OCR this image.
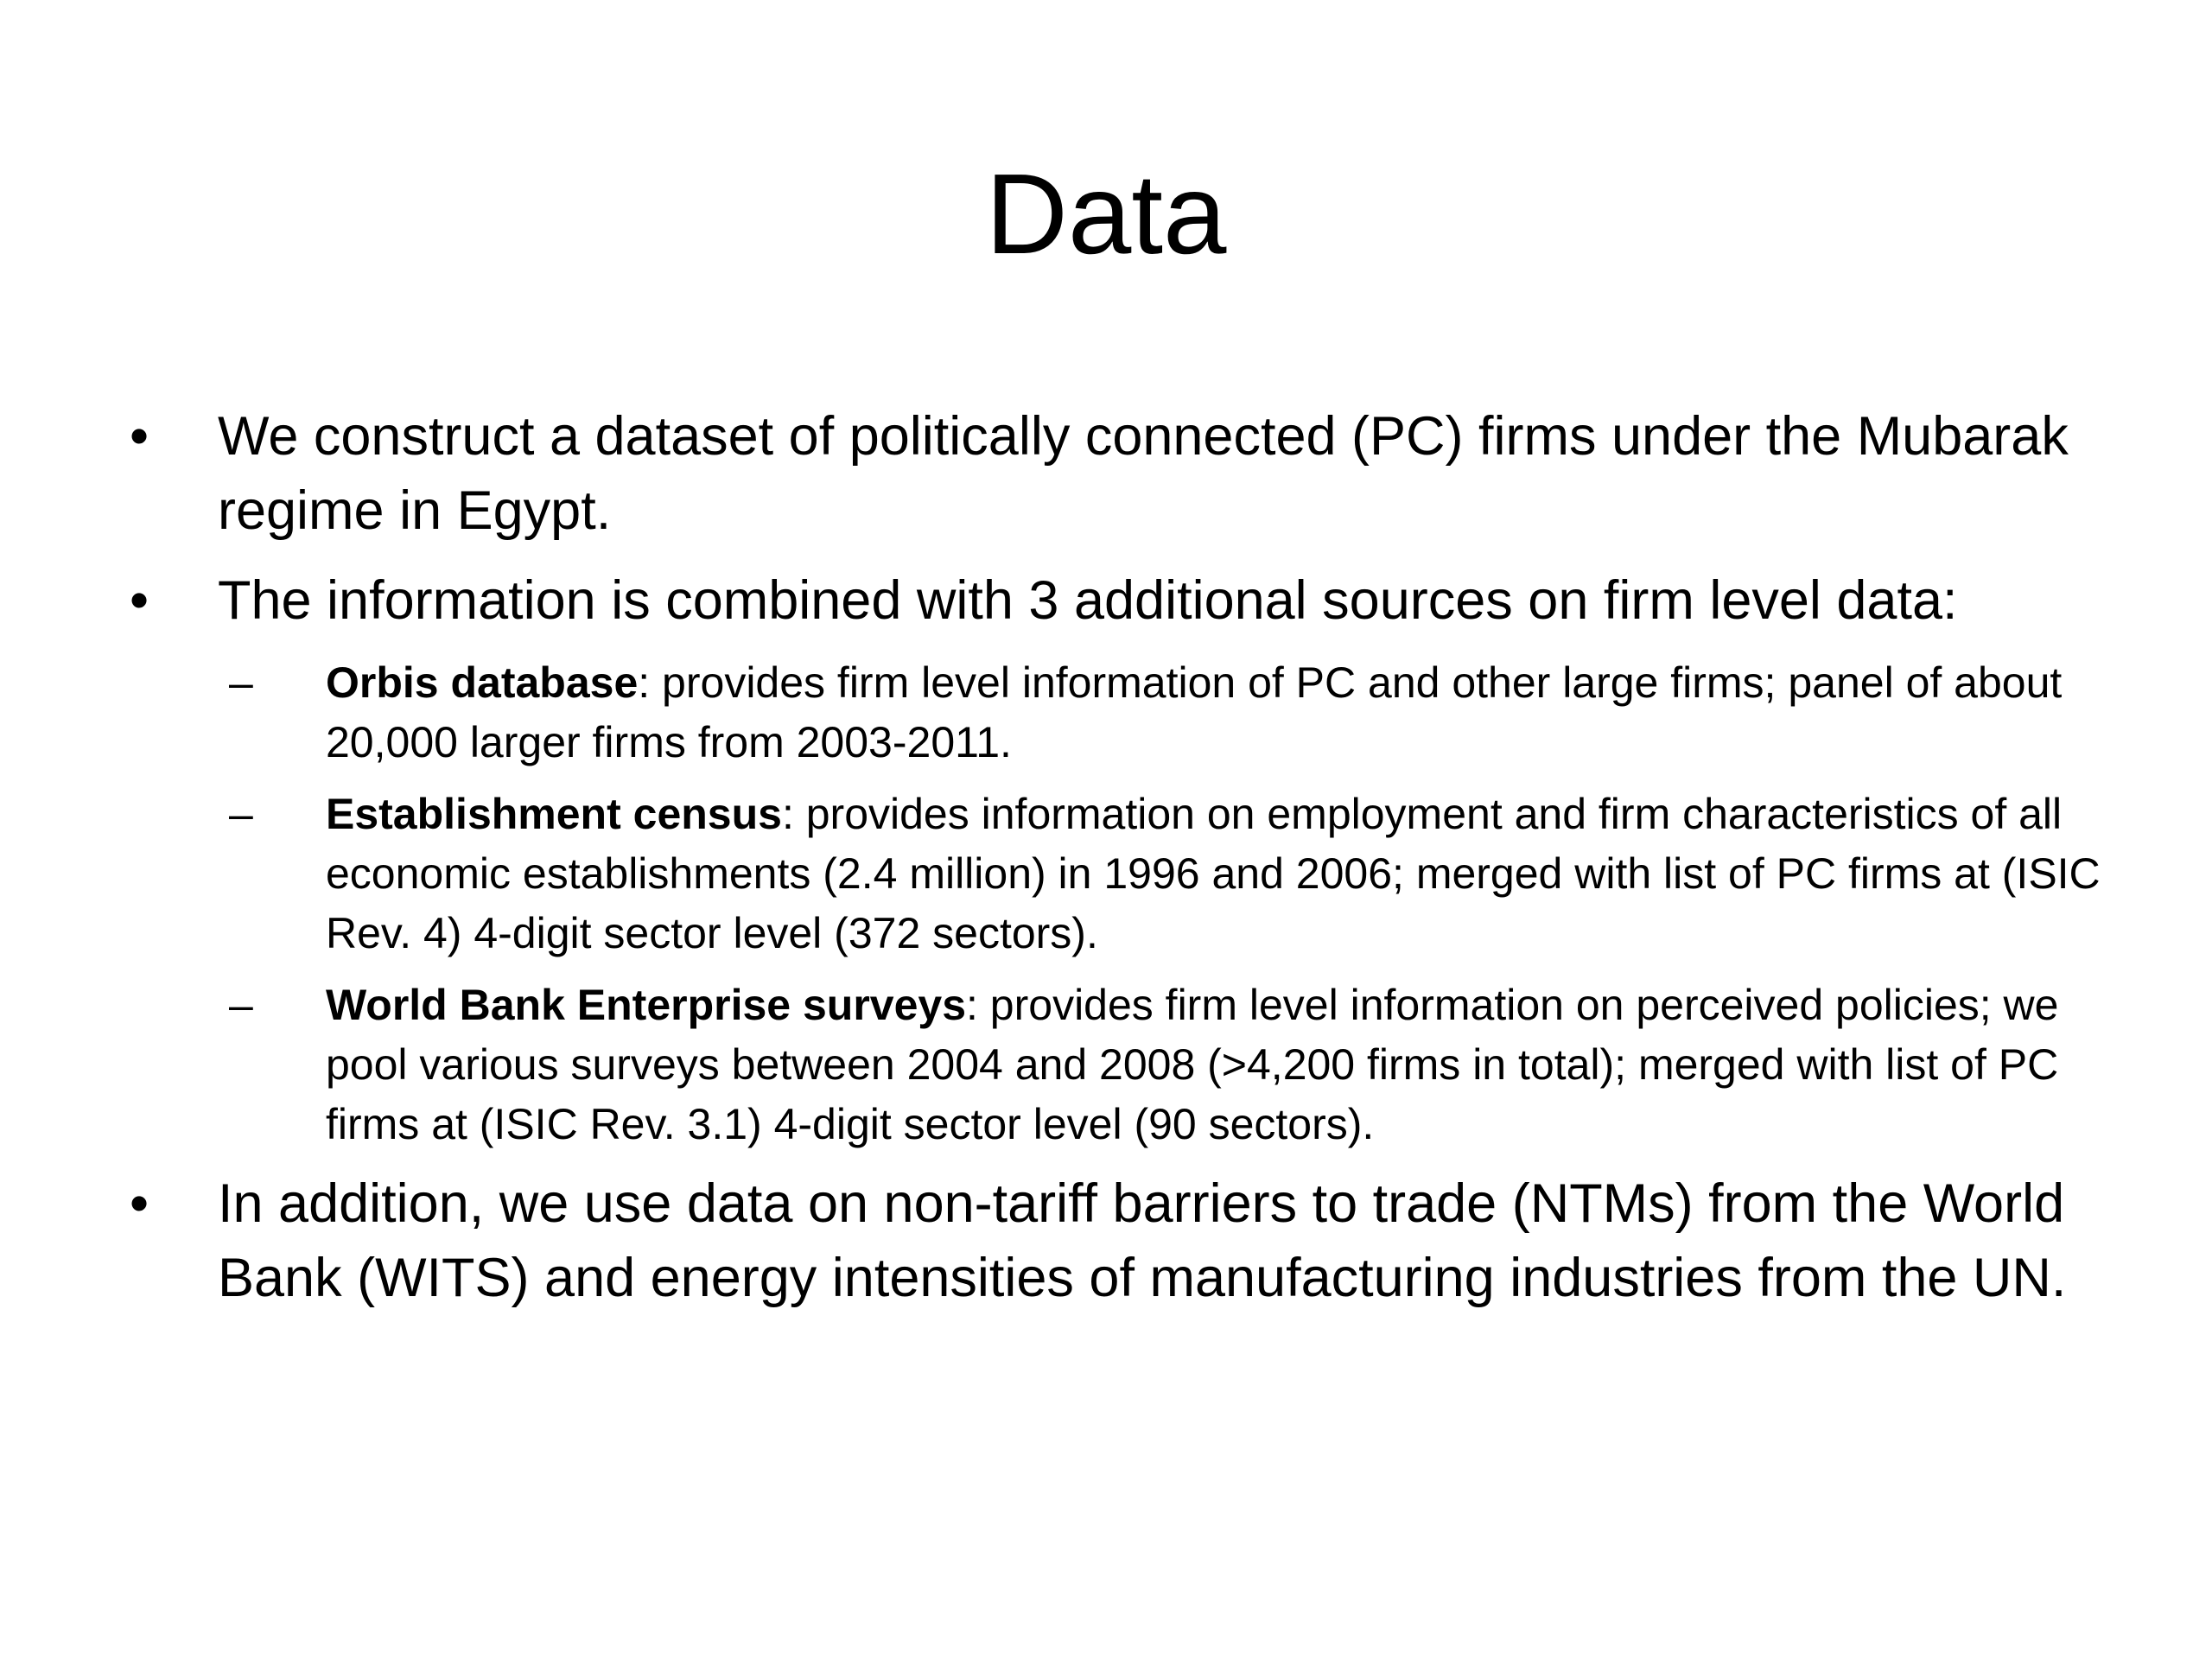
Data
• We construct a dataset of politically connected (PC) firms under the Mubarak regime in Egypt.
• The information is combined with 3 additional sources on firm level data:
– Orbis database: provides firm level information of PC and other large firms; panel of about 20,000 larger firms from 2003-2011.
– Establishment census: provides information on employment and firm characteristics of all economic establishments (2.4 million) in 1996 and 2006; merged with list of PC firms at (ISIC Rev. 4) 4-digit sector level (372 sectors).
– World Bank Enterprise surveys: provides firm level information on perceived policies; we pool various surveys between 2004 and 2008 (>4,200 firms in total); merged with list of PC firms at (ISIC Rev. 3.1) 4-digit sector level (90 sectors).
• In addition, we use data on non-tariff barriers to trade (NTMs) from the World Bank (WITS) and energy intensities of manufacturing industries from the UN.
